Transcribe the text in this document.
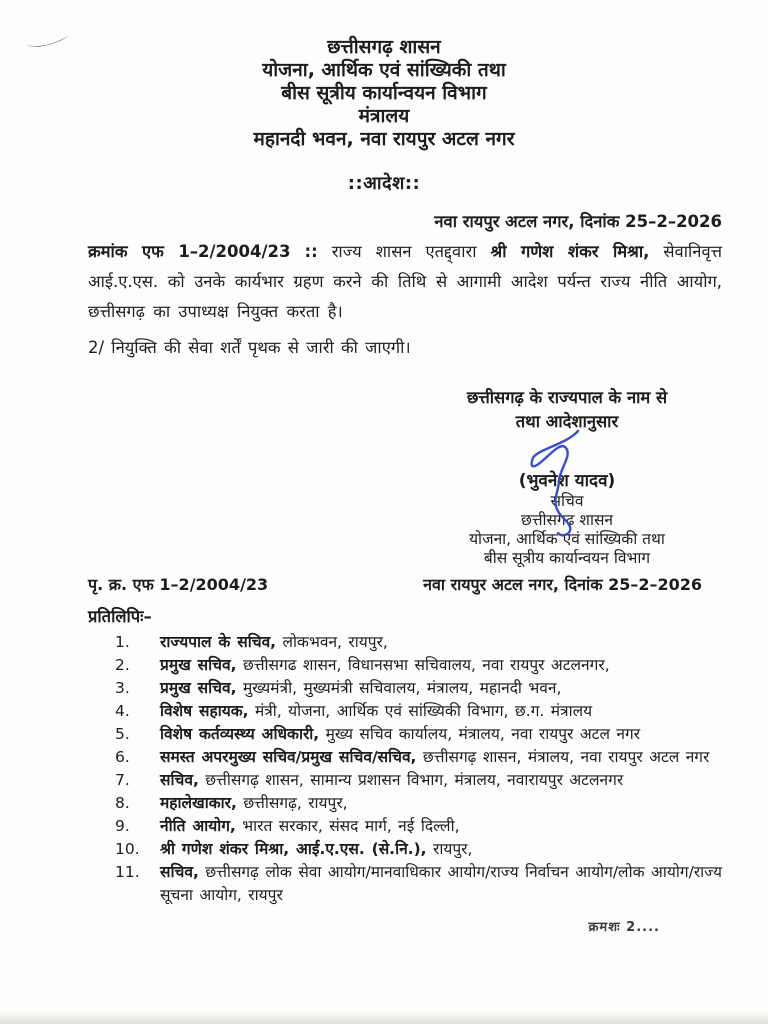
छत्तीसगढ़ शासन
योजना, आर्थिक एवं सांख्यिकी तथा
बीस सूत्रीय कार्यान्वयन विभाग
मंत्रालय
महानदी भवन, नवा रायपुर अटल नगर
::आदेश::
नवा रायपुर अटल नगर, दिनांक 25–2–2026
क्रमांक एफ 1–2/2004/23 :: राज्य शासन एतद्द्वारा श्री गणेश शंकर मिश्रा, सेवानिवृत्त आई.ए.एस. को उनके कार्यभार ग्रहण करने की तिथि से आगामी आदेश पर्यन्त राज्य नीति आयोग, छत्तीसगढ़ का उपाध्यक्ष नियुक्त करता है।
2/ नियुक्ति की सेवा शर्तें पृथक से जारी की जाएगी।
छत्तीसगढ़ के राज्यपाल के नाम से
तथा आदेशानुसार
(भुवनेश यादव)
सचिव
छत्तीसगढ़ शासन
योजना, आर्थिक एवं सांख्यिकी तथा
बीस सूत्रीय कार्यान्वयन विभाग
पृ. क्र. एफ 1–2/2004/23	नवा रायपुर अटल नगर, दिनांक 25–2–2026
प्रतिलिपिः–
1.	राज्यपाल के सचिव, लोकभवन, रायपुर,
2.	प्रमुख सचिव, छत्तीसगढ शासन, विधानसभा सचिवालय, नवा रायपुर अटलनगर,
3.	प्रमुख सचिव, मुख्यमंत्री, मुख्यमंत्री सचिवालय, मंत्रालय, महानदी भवन,
4.	विशेष सहायक, मंत्री, योजना, आर्थिक एवं सांख्यिकी विभाग, छ.ग. मंत्रालय
5.	विशेष कर्तव्यस्थ्य अधिकारी, मुख्य सचिव कार्यालय, मंत्रालय, नवा रायपुर अटल नगर
6.	समस्त अपरमुख्य सचिव/प्रमुख सचिव/सचिव, छत्तीसगढ़ शासन, मंत्रालय, नवा रायपुर अटल नगर
7.	सचिव, छत्तीसगढ़ शासन, सामान्य प्रशासन विभाग, मंत्रालय, नवारायपुर अटलनगर
8.	महालेखाकार, छत्तीसगढ़, रायपुर,
9.	नीति आयोग, भारत सरकार, संसद मार्ग, नई दिल्ली,
10.	श्री गणेश शंकर मिश्रा, आई.ए.एस. (से.नि.), रायपुर,
11.	सचिव, छत्तीसगढ़ लोक सेवा आयोग/मानवाधिकार आयोग/राज्य निर्वाचन आयोग/लोक आयोग/राज्य सूचना आयोग, रायपुर
क्रमशः 2....
